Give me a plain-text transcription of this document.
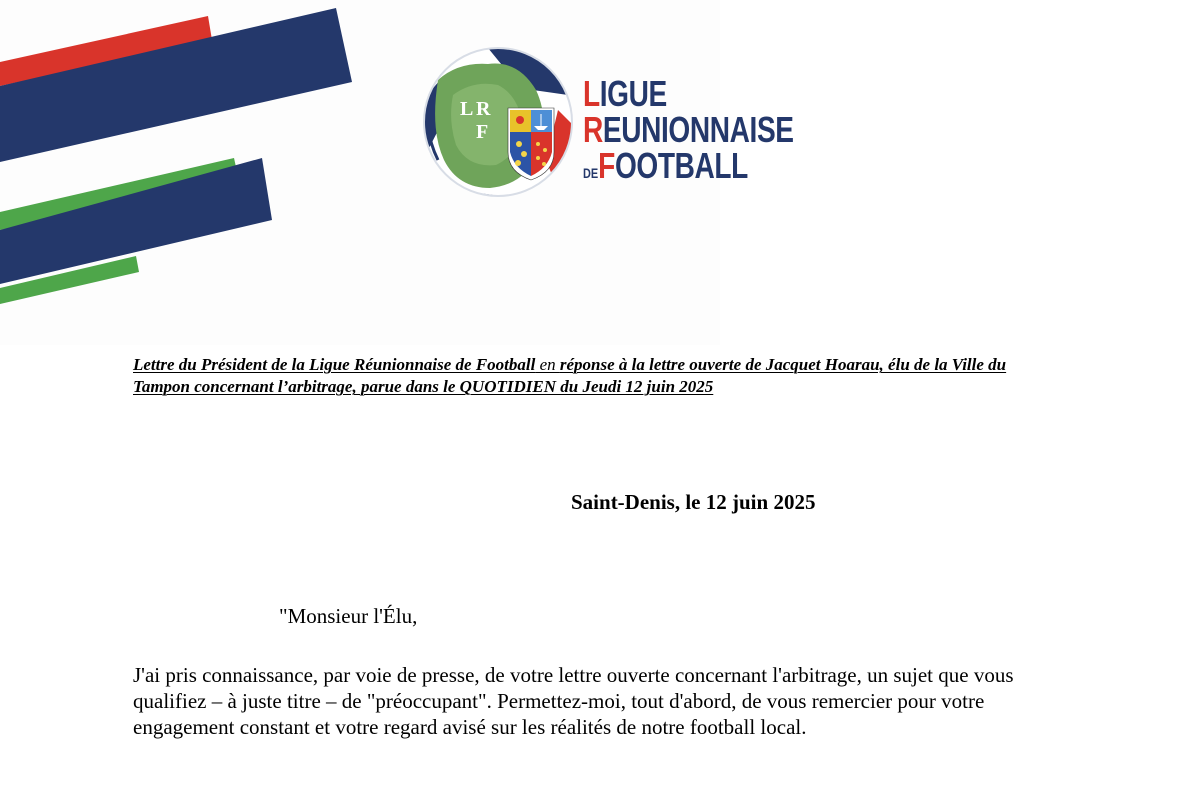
L R
F
LIGUE
REUNIONNAISE
DEFOOTBALL

Lettre du Président de la Ligue Réunionnaise de Football en réponse à la lettre ouverte de Jacquet Hoarau, élu de la Ville du Tampon concernant l’arbitrage, parue dans le QUOTIDIEN du Jeudi 12 juin 2025

Saint-Denis, le 12 juin 2025

"Monsieur l'Élu,

J'ai pris connaissance, par voie de presse, de votre lettre ouverte concernant l'arbitrage, un sujet que vous qualifiez – à juste titre – de "préoccupant". Permettez-moi, tout d'abord, de vous remercier pour votre engagement constant et votre regard avisé sur les réalités de notre football local.
